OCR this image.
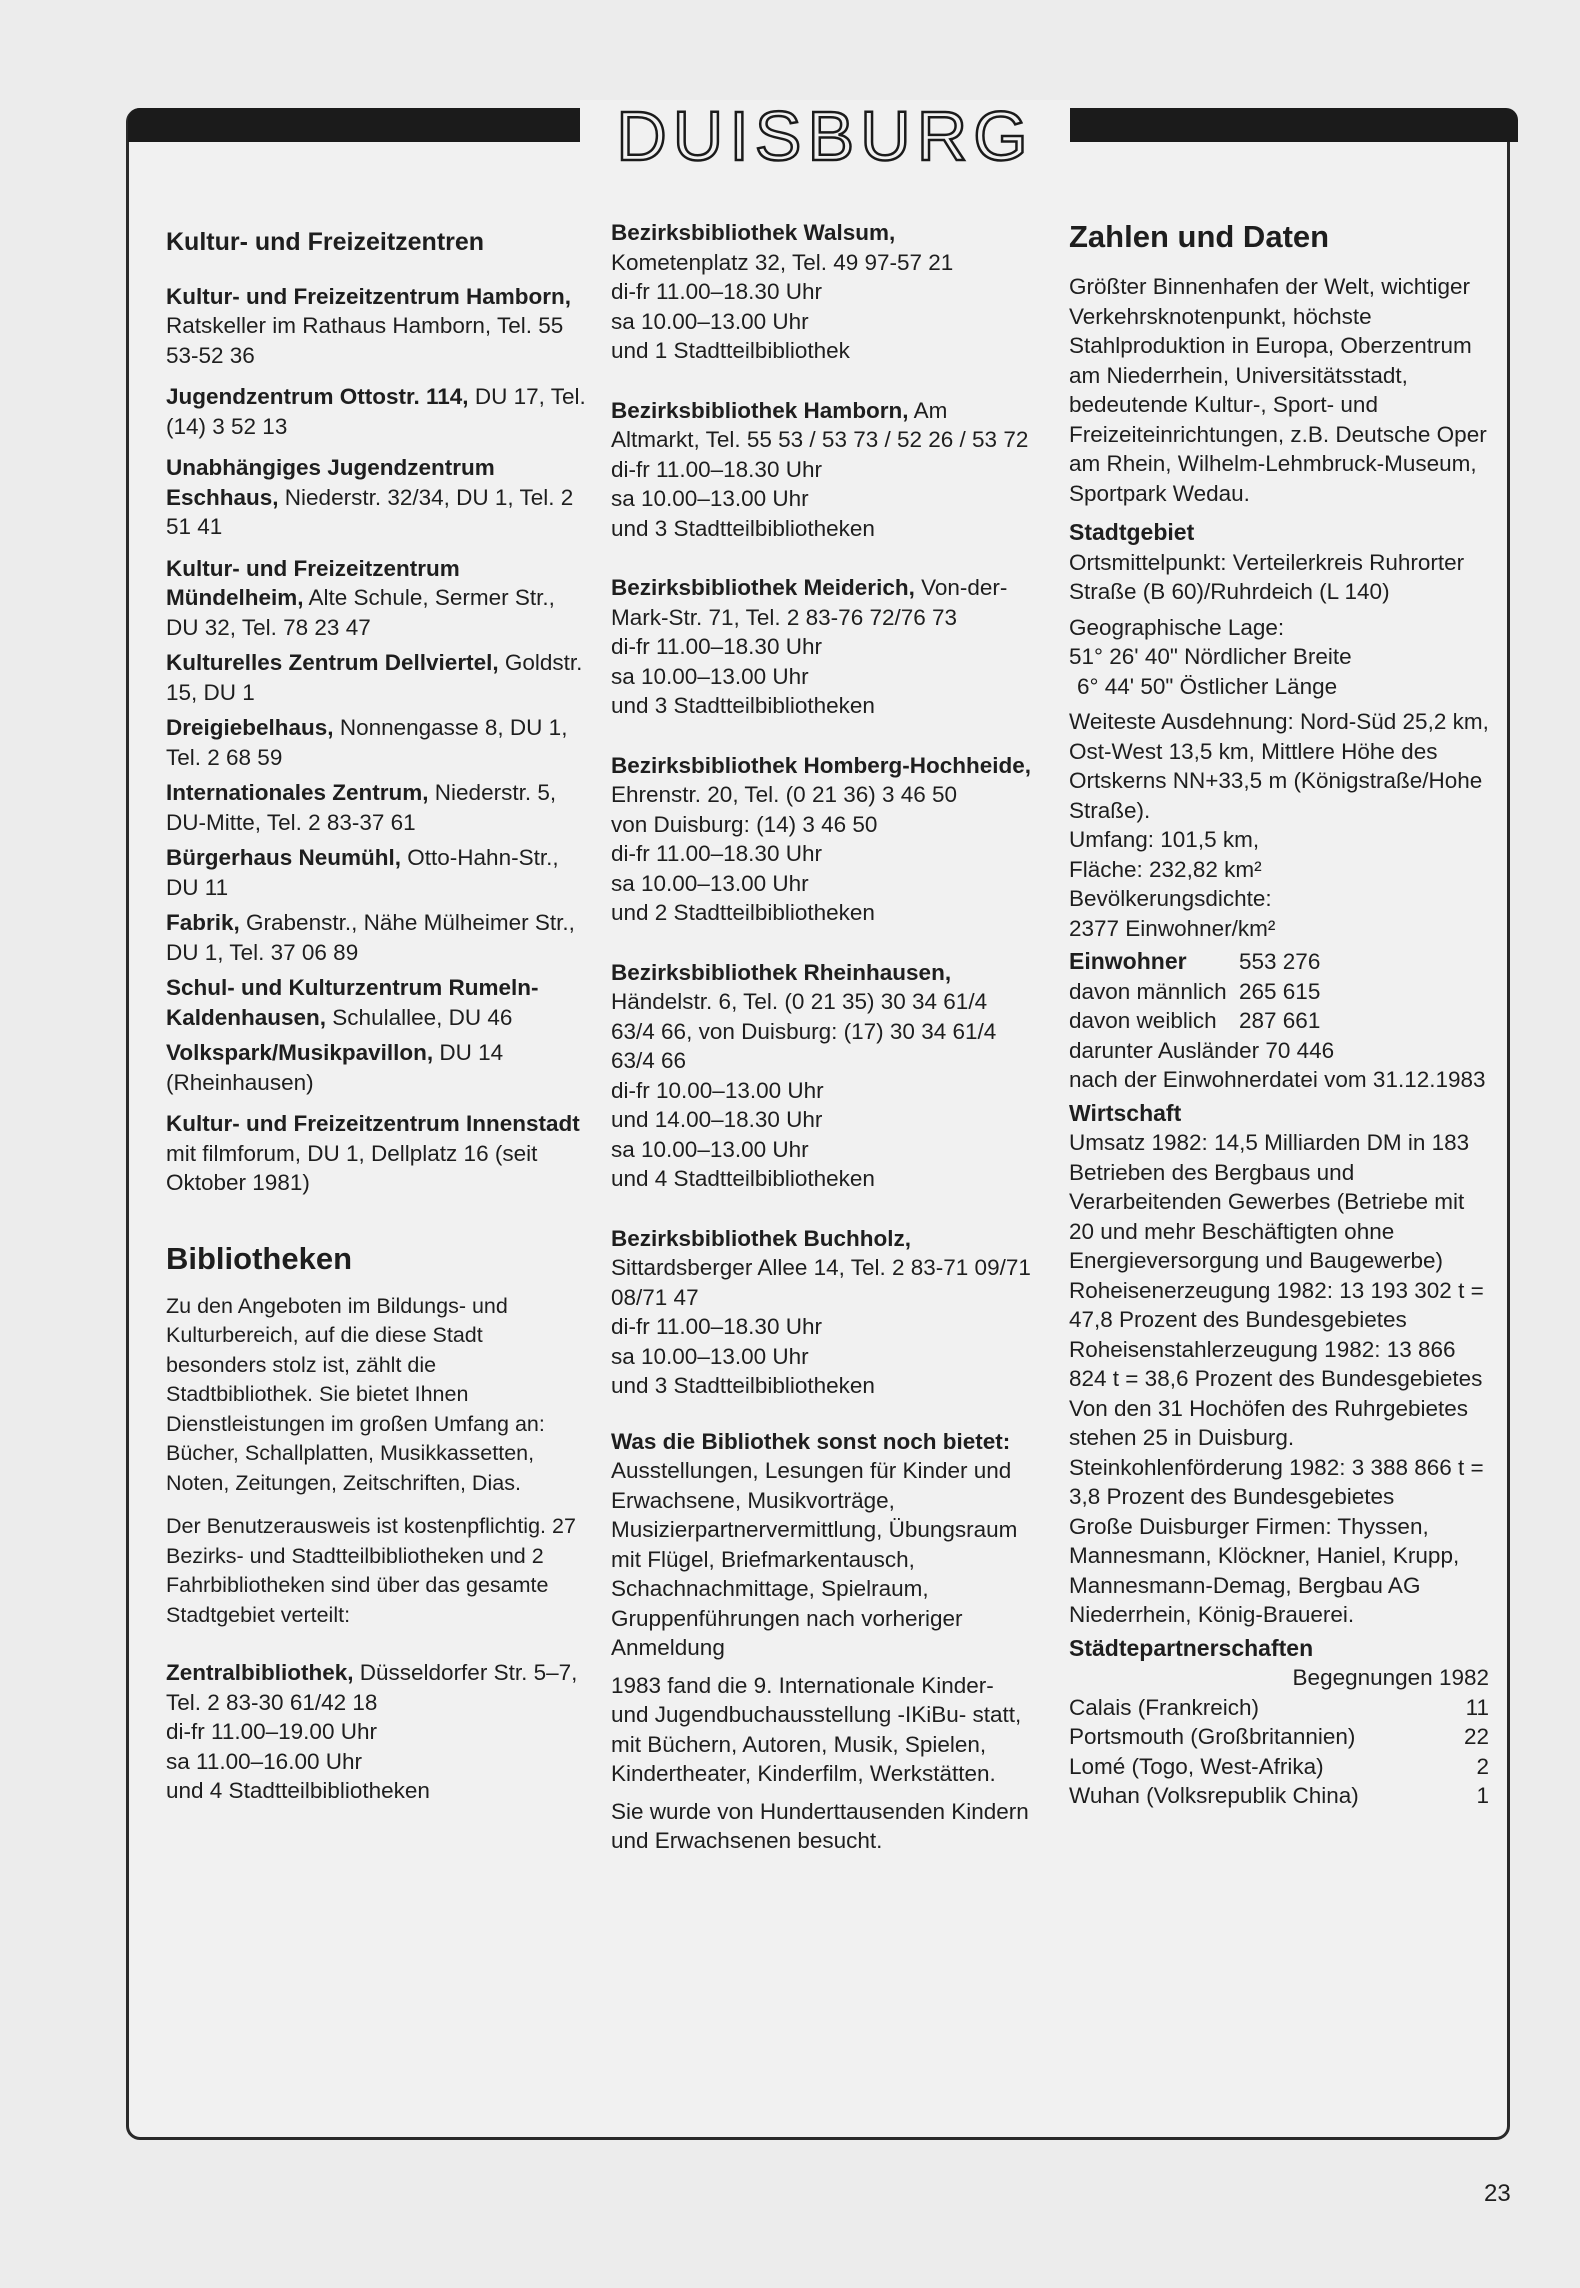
DUISBURG
Kultur- und Freizeitzentren
Kultur- und Freizeitzentrum Hamborn, Ratskeller im Rathaus Hamborn, Tel. 55 53-52 36
Jugendzentrum Ottostr. 114, DU 17, Tel. (14) 3 52 13
Unabhängiges Jugendzentrum Eschhaus, Niederstr. 32/34, DU 1, Tel. 2 51 41
Kultur- und Freizeitzentrum Mündelheim, Alte Schule, Sermer Str., DU 32, Tel. 78 23 47
Kulturelles Zentrum Dellviertel, Goldstr. 15, DU 1
Dreigiebelhaus, Nonnengasse 8, DU 1, Tel. 2 68 59
Internationales Zentrum, Niederstr. 5, DU-Mitte, Tel. 2 83-37 61
Bürgerhaus Neumühl, Otto-Hahn-Str., DU 11
Fabrik, Grabenstr., Nähe Mülheimer Str., DU 1, Tel. 37 06 89
Schul- und Kulturzentrum Rumeln-Kaldenhausen, Schulallee, DU 46
Volkspark/Musikpavillon, DU 14 (Rheinhausen)
Kultur- und Freizeitzentrum Innenstadt mit filmforum, DU 1, Dellplatz 16 (seit Oktober 1981)
Bibliotheken
Zu den Angeboten im Bildungs- und Kulturbereich, auf die diese Stadt besonders stolz ist, zählt die Stadtbibliothek. Sie bietet Ihnen Dienstleistungen im großen Umfang an: Bücher, Schallplatten, Musikkassetten, Noten, Zeitungen, Zeitschriften, Dias.
Der Benutzerausweis ist kostenpflichtig. 27 Bezirks- und Stadtteilbibliotheken und 2 Fahrbibliotheken sind über das gesamte Stadtgebiet verteilt:
Zentralbibliothek, Düsseldorfer Str. 5–7, Tel. 2 83-30 61/42 18
di-fr 11.00–19.00 Uhr
sa 11.00–16.00 Uhr
und 4 Stadtteilbibliotheken
Bezirksbibliothek Walsum, Kometenplatz 32, Tel. 49 97-57 21
di-fr 11.00–18.30 Uhr
sa 10.00–13.00 Uhr
und 1 Stadtteilbibliothek
Bezirksbibliothek Hamborn, Am Altmarkt, Tel. 55 53 / 53 73 / 52 26 / 53 72
di-fr 11.00–18.30 Uhr
sa 10.00–13.00 Uhr
und 3 Stadtteilbibliotheken
Bezirksbibliothek Meiderich, Von-der-Mark-Str. 71, Tel. 2 83-76 72/76 73
di-fr 11.00–18.30 Uhr
sa 10.00–13.00 Uhr
und 3 Stadtteilbibliotheken
Bezirksbibliothek Homberg-Hochheide, Ehrenstr. 20, Tel. (0 21 36) 3 46 50
von Duisburg: (14) 3 46 50
di-fr 11.00–18.30 Uhr
sa 10.00–13.00 Uhr
und 2 Stadtteilbibliotheken
Bezirksbibliothek Rheinhausen, Händelstr. 6, Tel. (0 21 35) 30 34 61/4 63/4 66, von Duisburg: (17) 30 34 61/4 63/4 66
di-fr 10.00–13.00 Uhr
und 14.00–18.30 Uhr
sa 10.00–13.00 Uhr
und 4 Stadtteilbibliotheken
Bezirksbibliothek Buchholz, Sittardsberger Allee 14, Tel. 2 83-71 09/71 08/71 47
di-fr 11.00–18.30 Uhr
sa 10.00–13.00 Uhr
und 3 Stadtteilbibliotheken
Was die Bibliothek sonst noch bietet: Ausstellungen, Lesungen für Kinder und Erwachsene, Musikvorträge, Musizierpartnervermittlung, Übungsraum mit Flügel, Briefmarkentausch, Schachnachmittage, Spielraum, Gruppenführungen nach vorheriger Anmeldung
1983 fand die 9. Internationale Kinder- und Jugendbuchausstellung -IKiBu- statt, mit Büchern, Autoren, Musik, Spielen, Kindertheater, Kinderfilm, Werkstätten.
Sie wurde von Hunderttausenden Kindern und Erwachsenen besucht.
Zahlen und Daten
Größter Binnenhafen der Welt, wichtiger Verkehrsknotenpunkt, höchste Stahlproduktion in Europa, Oberzentrum am Niederrhein, Universitätsstadt, bedeutende Kultur-, Sport- und Freizeiteinrichtungen, z.B. Deutsche Oper am Rhein, Wilhelm-Lehmbruck-Museum, Sportpark Wedau.
Stadtgebiet
Ortsmittelpunkt: Verteilerkreis Ruhrorter Straße (B 60)/Ruhrdeich (L 140)
Geographische Lage:
51° 26' 40" Nördlicher Breite
6° 44' 50" Östlicher Länge
Weiteste Ausdehnung: Nord-Süd 25,2 km, Ost-West 13,5 km, Mittlere Höhe des Ortskerns NN+33,5 m (Königstraße/Hohe Straße).
Umfang: 101,5 km,
Fläche: 232,82 km²
Bevölkerungsdichte:
2377 Einwohner/km²
Einwohner 553 276
davon männlich 265 615
davon weiblich 287 661
darunter Ausländer 70 446
nach der Einwohnerdatei vom 31.12.1983
Wirtschaft
Umsatz 1982: 14,5 Milliarden DM in 183 Betrieben des Bergbaus und Verarbeitenden Gewerbes (Betriebe mit 20 und mehr Beschäftigten ohne Energieversorgung und Baugewerbe)
Roheisenerzeugung 1982: 13 193 302 t = 47,8 Prozent des Bundesgebietes
Roheisenstahlerzeugung 1982: 13 866 824 t = 38,6 Prozent des Bundesgebietes
Von den 31 Hochöfen des Ruhrgebietes stehen 25 in Duisburg.
Steinkohlenförderung 1982: 3 388 866 t = 3,8 Prozent des Bundesgebietes
Große Duisburger Firmen: Thyssen, Mannesmann, Klöckner, Haniel, Krupp, Mannesmann-Demag, Bergbau AG Niederrhein, König-Brauerei.
Städtepartnerschaften
Begegnungen 1982
Calais (Frankreich)	11
Portsmouth (Großbritannien)	22
Lomé (Togo, West-Afrika)	2
Wuhan (Volksrepublik China)	1
23
